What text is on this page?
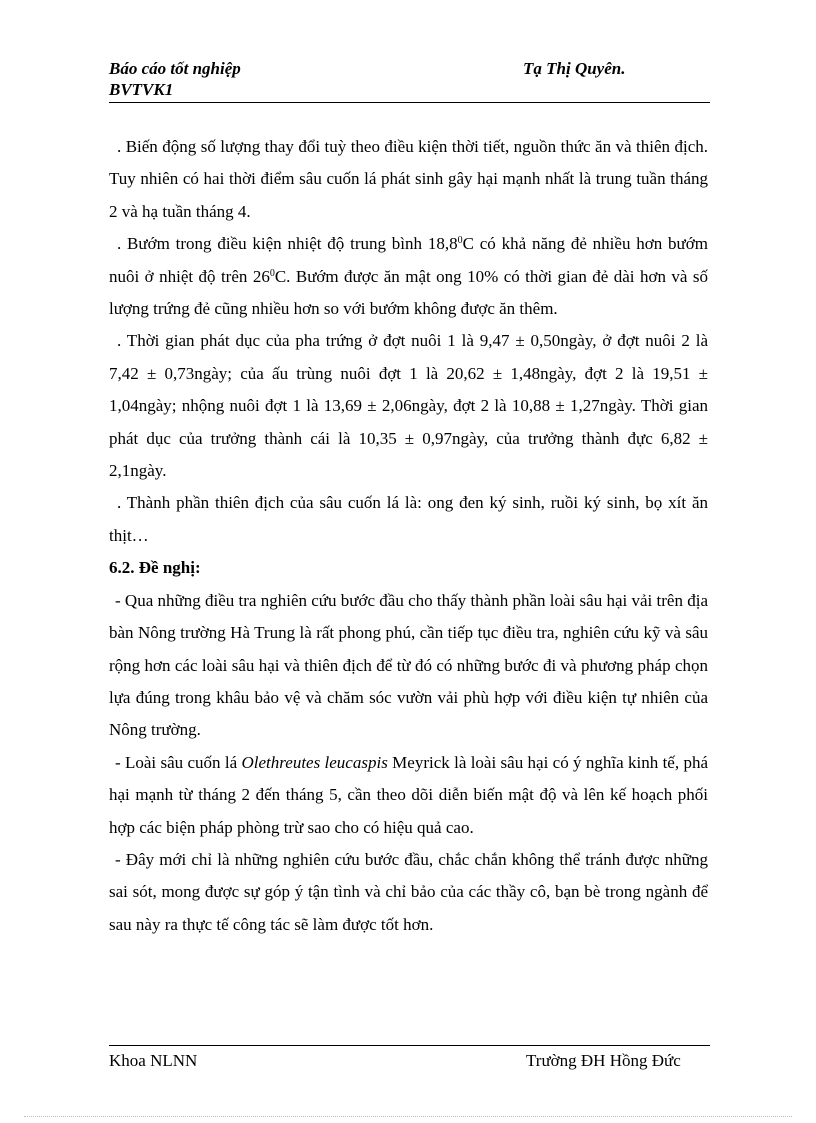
Báo cáo tốt nghiệp
BVTVK1
Tạ Thị Quyên.

. Biến động số lượng thay đổi tuỳ theo điều kiện thời tiết, nguồn thức ăn và thiên địch. Tuy nhiên có hai thời điểm sâu cuốn lá phát sinh gây hại mạnh nhất là trung tuần tháng 2 và hạ tuần tháng 4.

. Bướm trong điều kiện nhiệt độ trung bình 18,8$^0$C có khả năng đẻ nhiều hơn bướm nuôi ở nhiệt độ trên $26^0C$. Bướm được ăn mật ong 10% có thời gian đẻ dài hơn và số lượng trứng đẻ cũng nhiều hơn so với bướm không được ăn thêm.

. Thời gian phát dục của pha trứng ở đợt nuôi 1 là 9,47 ± 0,50ngày, ở đợt nuôi 2 là 7,42 ± 0,73ngày; của ấu trùng nuôi đợt 1 là 20,62 ± 1,48ngày, đợt 2 là 19,51 ± 1,04ngày; nhộng nuôi đợt 1 là 13,69 ± 2,06ngày, đợt 2 là 10,88 ± 1,27ngày. Thời gian phát dục của trưởng thành cái là 10,35 ± 0,97ngày, của trưởng thành đực 6,82 ± 2,1ngày.

. Thành phần thiên địch của sâu cuốn lá là: ong đen ký sinh, ruồi ký sinh, bọ xít ăn thịt…

6.2. Đề nghị:

- Qua những điều tra nghiên cứu bước đầu cho thấy thành phần loài sâu hại vải trên địa bàn Nông trường Hà Trung là rất phong phú, cần tiếp tục điều tra, nghiên cứu kỹ và sâu rộng hơn các loài sâu hại và thiên địch để từ đó có những bước đi và phương pháp chọn lựa đúng trong khâu bảo vệ và chăm sóc vườn vải phù hợp với điều kiện tự nhiên của Nông trường.

- Loài sâu cuốn lá Olethreutes leucaspis Meyrick là loài sâu hại có ý nghĩa kinh tế, phá hại mạnh từ tháng 2 đến tháng 5, cần theo dõi diễn biến mật độ và lên kế hoạch phối hợp các biện pháp phòng trừ sao cho có hiệu quả cao.

- Đây mới chỉ là những nghiên cứu bước đầu, chắc chắn không thể tránh được những sai sót, mong được sự góp ý tận tình và chỉ bảo của các thầy cô, bạn bè trong ngành để sau này ra thực tế công tác sẽ làm được tốt hơn.

Khoa NLNN	Trường ĐH Hồng Đức
